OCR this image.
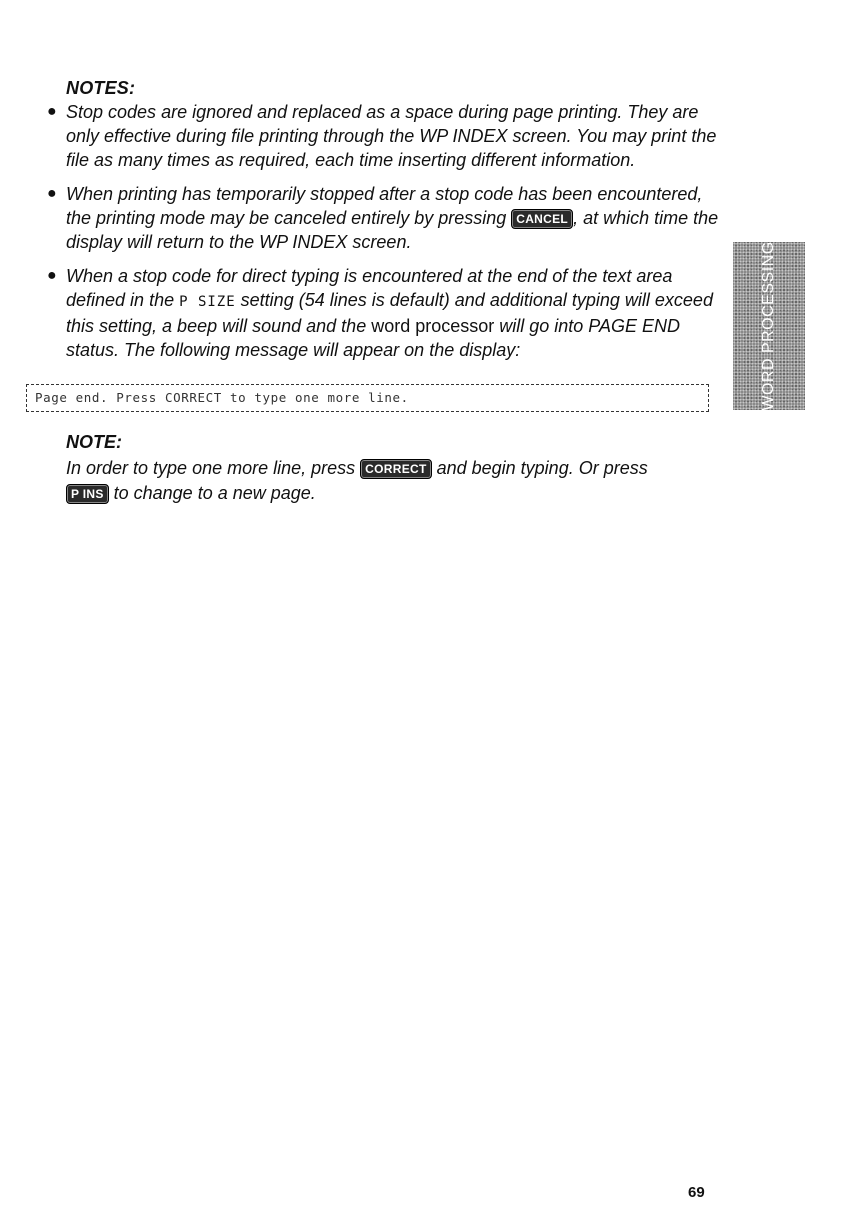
NOTES:
● Stop codes are ignored and replaced as a space during page printing. They are only effective during file printing through the WP INDEX screen. You may print the file as many times as required, each time inserting different information.
● When printing has temporarily stopped after a stop code has been encountered, the printing mode may be canceled entirely by pressing CANCEL , at which time the display will return to the WP INDEX screen.
● When a stop code for direct typing is encountered at the end of the text area defined in the P SIZE setting (54 lines is default) and additional typing will exceed this setting, a beep will sound and the word processor will go into PAGE END status. The following message will appear on the display:
Page end. Press CORRECT to type one more line.
NOTE:
In order to type one more line, press CORRECT and begin typing. Or press
P INS to change to a new page.
WORD PROCESSING
69
